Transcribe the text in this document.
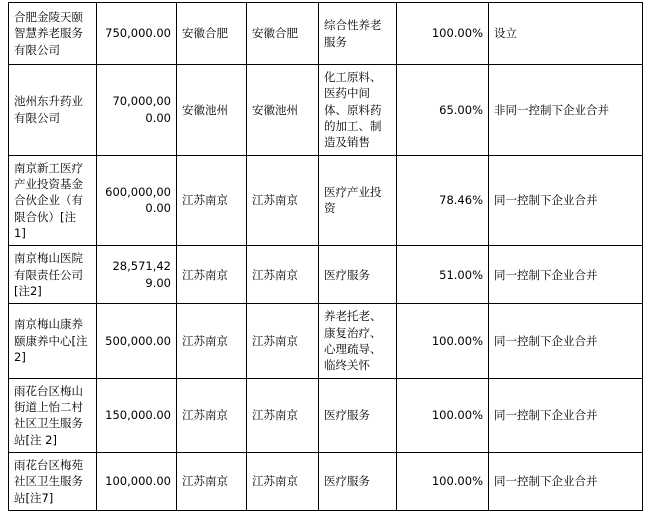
合肥金陵天颐智慧养老服务有限公司	750,000.00	安徽合肥	安徽合肥	综合性养老服务	100.00%	设立
池州东升药业有限公司	70,000,000.00	安徽池州	安徽池州	化工原料、医药中间体、原料药的加工、制造及销售	65.00%	非同一控制下企业合并
南京新工医疗产业投资基金合伙企业（有限合伙）[注 1]	600,000,000.00	江苏南京	江苏南京	医疗产业投资	78.46%	同一控制下企业合并
南京梅山医院有限责任公司[注2]	28,571,429.00	江苏南京	江苏南京	医疗服务	51.00%	同一控制下企业合并
南京梅山康养颐康养中心[注 2]	500,000.00	江苏南京	江苏南京	养老托老、康复治疗、心理疏导、临终关怀	100.00%	同一控制下企业合并
雨花台区梅山街道上怡二村社区卫生服务站[注 2]	150,000.00	江苏南京	江苏南京	医疗服务	100.00%	同一控制下企业合并
雨花台区梅苑社区卫生服务站[注7]	100,000.00	江苏南京	江苏南京	医疗服务	100.00%	同一控制下企业合并
